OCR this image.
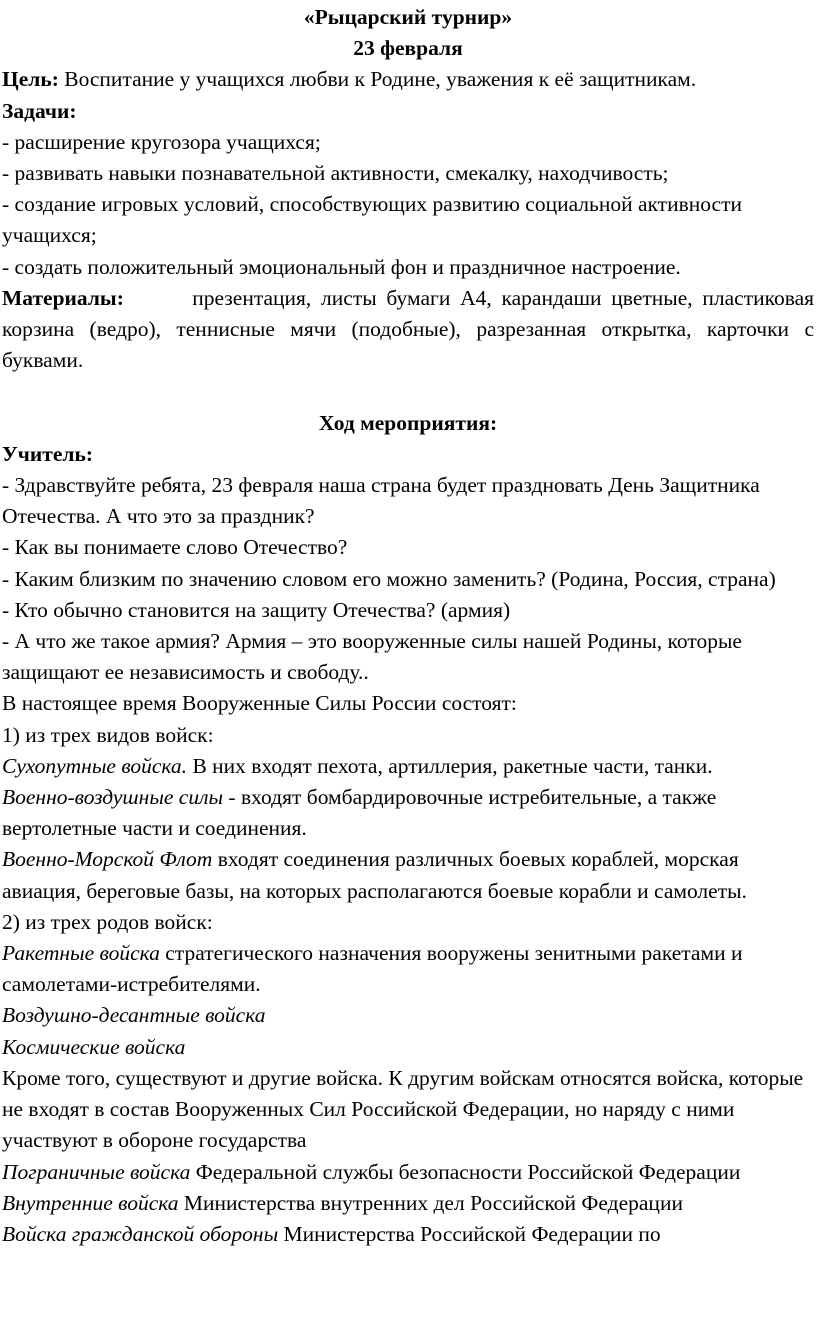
«Рыцарский турнир»

23 февраля

Цель: Воспитание у учащихся любви к Родине, уважения к её защитникам.

Задачи:

- расширение кругозора учащихся;

- развивать навыки познавательной активности, смекалку, находчивость;

- создание игровых условий, способствующих развитию социальной активности учащихся;

- создать положительный эмоциональный фон и праздничное настроение.

Материалы:	презентация, листы бумаги А4, карандаши цветные, пластиковая корзина (ведро), теннисные мячи (подобные), разрезанная открытка, карточки с буквами.

Ход мероприятия:

Учитель:

- Здравствуйте ребята, 23 февраля наша страна будет праздновать День Защитника Отечества. А что это за праздник?

- Как вы понимаете слово Отечество?

- Каким близким по значению словом его можно заменить? (Родина, Россия, страна)

- Кто обычно становится на защиту Отечества? (армия)

- А что же такое армия? Армия – это вооруженные силы нашей Родины, которые защищают ее независимость и свободу..

В настоящее время Вооруженные Силы России состоят:

1) из трех видов войск:

Сухопутные войска. В них входят пехота, артиллерия, ракетные части, танки.

Военно-воздушные силы - входят бомбардировочные истребительные, а также вертолетные части и соединения.

Военно-Морской Флот входят соединения различных боевых кораблей, морская авиация, береговые базы, на которых располагаются боевые корабли и самолеты.

2) из трех родов войск:

Ракетные войска стратегического назначения вооружены зенитными ракетами и самолетами-истребителями.

Воздушно-десантные войска

Космические войска

Кроме того, существуют и другие войска. К другим войскам относятся войска, которые не входят в состав Вооруженных Сил Российской Федерации, но наряду с ними участвуют в обороне государства

Пограничные войска Федеральной службы безопасности Российской Федерации

Внутренние войска Министерства внутренних дел Российской Федерации

Войска гражданской обороны Министерства Российской Федерации по
